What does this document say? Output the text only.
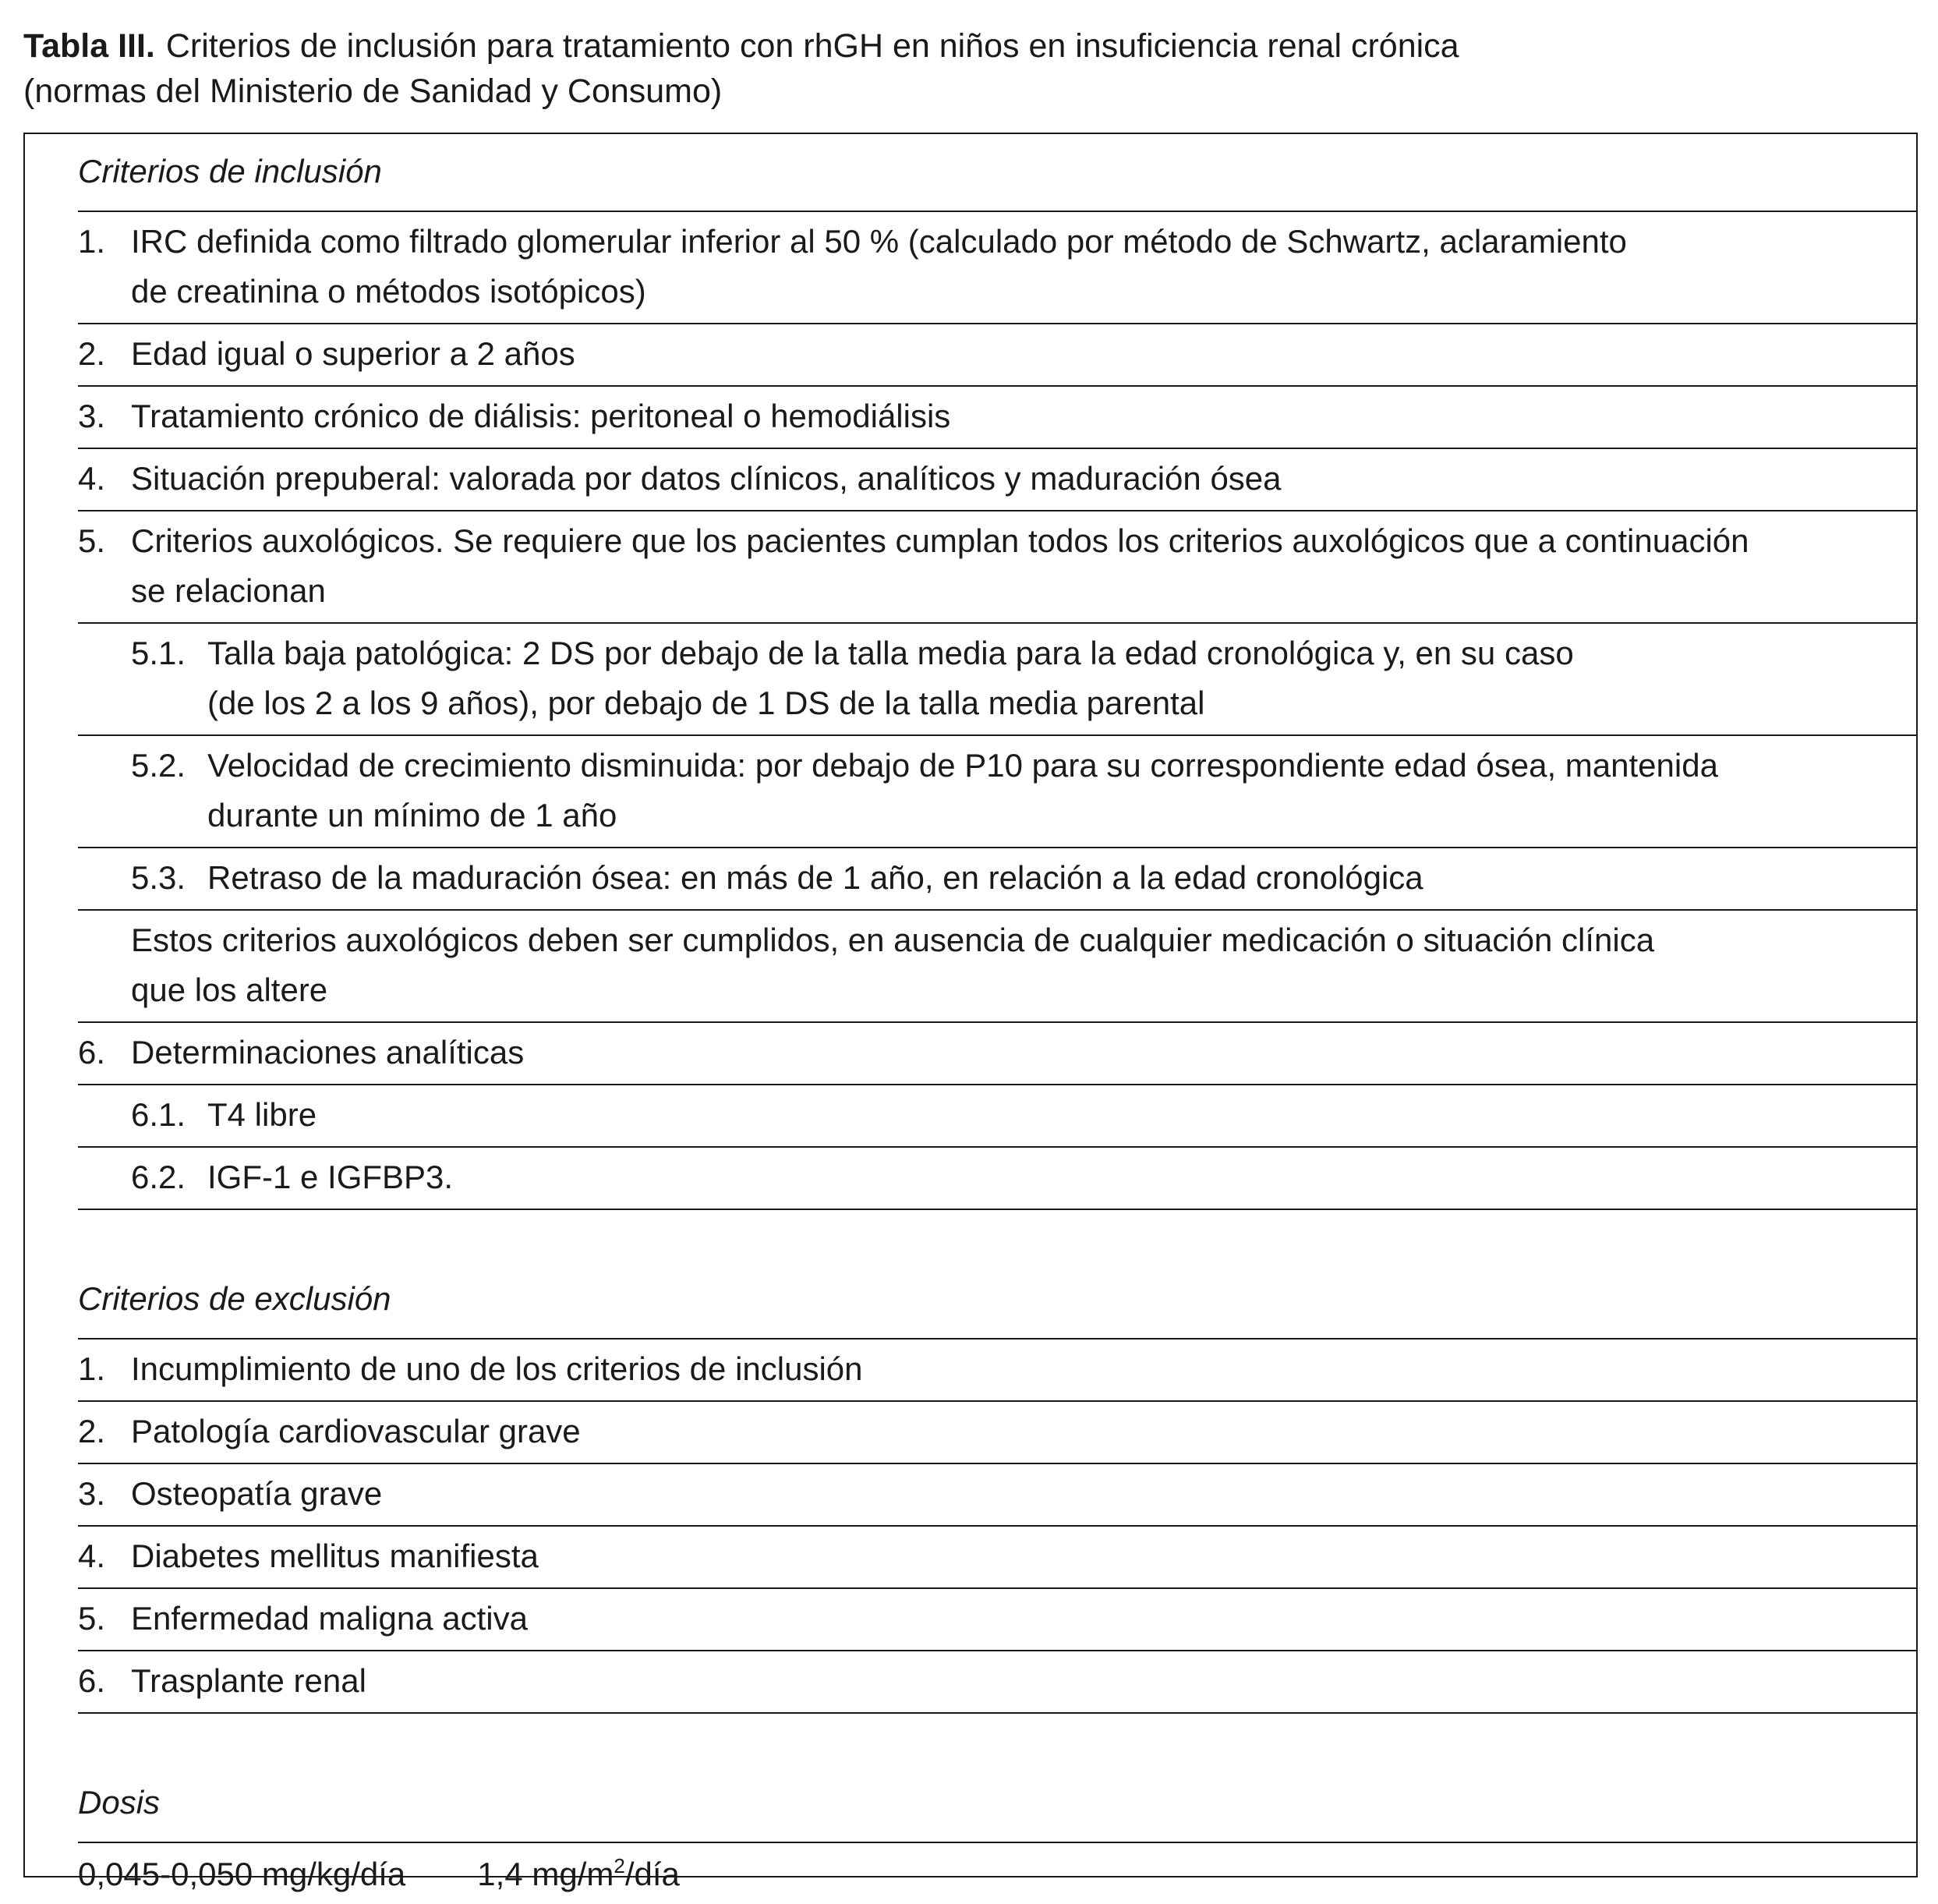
Tabla III. Criterios de inclusión para tratamiento con rhGH en niños en insuficiencia renal crónica
(normas del Ministerio de Sanidad y Consumo)
Criterios de inclusión
1. IRC definida como filtrado glomerular inferior al 50 % (calculado por método de Schwartz, aclaramiento
de creatinina o métodos isotópicos)
2. Edad igual o superior a 2 años
3. Tratamiento crónico de diálisis: peritoneal o hemodiálisis
4. Situación prepuberal: valorada por datos clínicos, analíticos y maduración ósea
5. Criterios auxológicos. Se requiere que los pacientes cumplan todos los criterios auxológicos que a continuación
se relacionan
5.1. Talla baja patológica: 2 DS por debajo de la talla media para la edad cronológica y, en su caso
(de los 2 a los 9 años), por debajo de 1 DS de la talla media parental
5.2. Velocidad de crecimiento disminuida: por debajo de P10 para su correspondiente edad ósea, mantenida
durante un mínimo de 1 año
5.3. Retraso de la maduración ósea: en más de 1 año, en relación a la edad cronológica
Estos criterios auxológicos deben ser cumplidos, en ausencia de cualquier medicación o situación clínica
que los altere
6. Determinaciones analíticas
6.1. T4 libre
6.2. IGF-1 e IGFBP3.
Criterios de exclusión
1. Incumplimiento de uno de los criterios de inclusión
2. Patología cardiovascular grave
3. Osteopatía grave
4. Diabetes mellitus manifiesta
5. Enfermedad maligna activa
6. Trasplante renal
Dosis
0,045-0,050 mg/kg/día 1,4 $mg/m^2$/día
